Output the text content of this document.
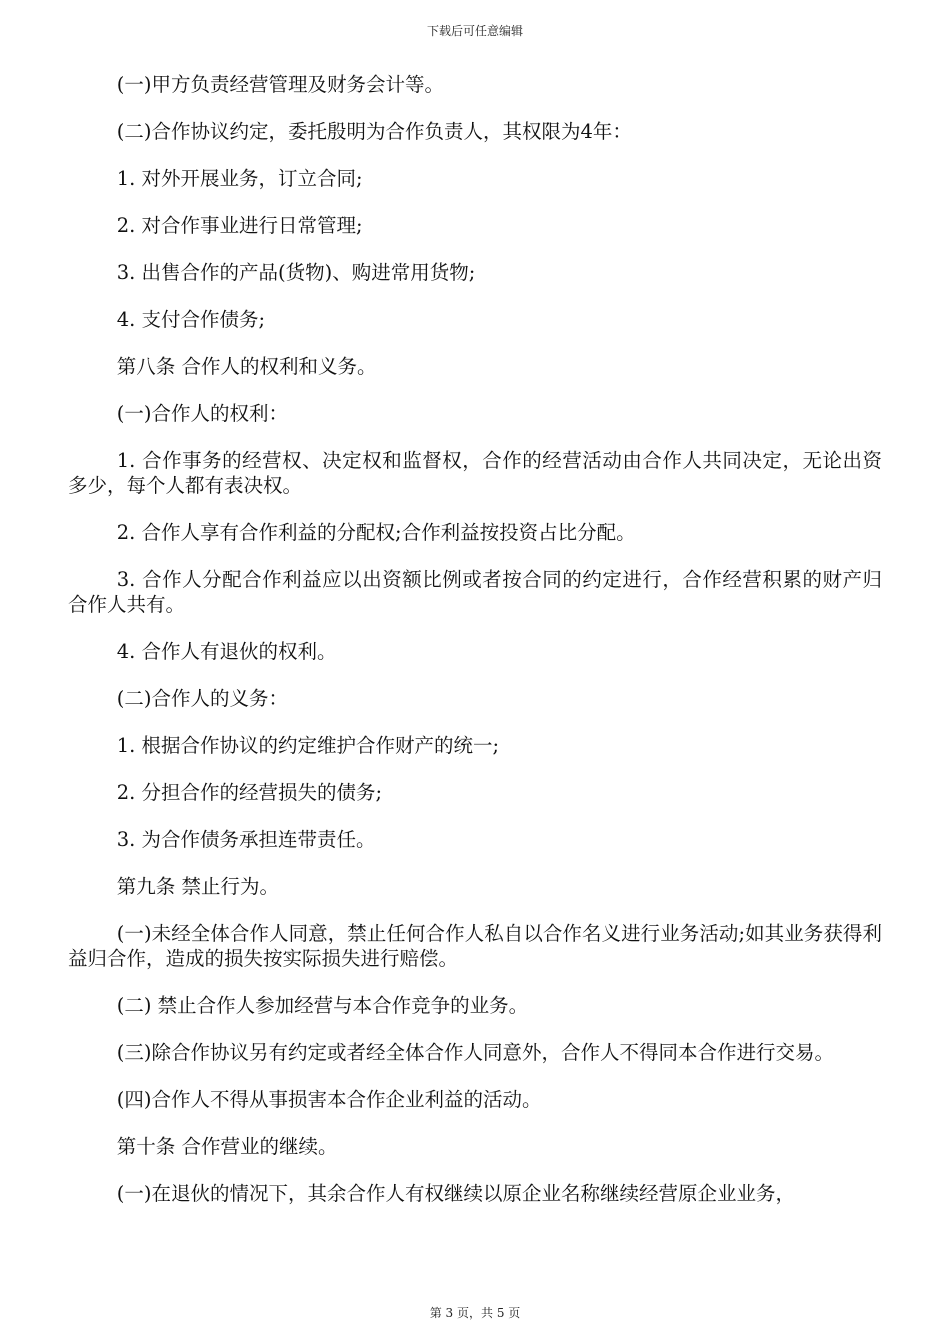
下载后可任意编辑

(一)甲方负责经营管理及财务会计等。

(二)合作协议约定，委托殷明为合作负责人，其权限为4年：

1. 对外开展业务，订立合同;

2. 对合作事业进行日常管理;

3. 出售合作的产品(货物)、购进常用货物;

4. 支付合作债务;

第八条 合作人的权利和义务。

(一)合作人的权利：

1. 合作事务的经营权、决定权和监督权，合作的经营活动由合作人共同决定，无论出资多少，每个人都有表决权。

2. 合作人享有合作利益的分配权;合作利益按投资占比分配。

3. 合作人分配合作利益应以出资额比例或者按合同的约定进行，合作经营积累的财产归合作人共有。

4. 合作人有退伙的权利。

(二)合作人的义务：

1. 根据合作协议的约定维护合作财产的统一;

2. 分担合作的经营损失的债务;

3. 为合作债务承担连带责任。

第九条 禁止行为。

(一)未经全体合作人同意，禁止任何合作人私自以合作名义进行业务活动;如其业务获得利益归合作，造成的损失按实际损失进行赔偿。

(二) 禁止合作人参加经营与本合作竞争的业务。

(三)除合作协议另有约定或者经全体合作人同意外，合作人不得同本合作进行交易。

(四)合作人不得从事损害本合作企业利益的活动。

第十条 合作营业的继续。

(一)在退伙的情况下，其余合作人有权继续以原企业名称继续经营原企业业务，

第 3 页，共 5 页
